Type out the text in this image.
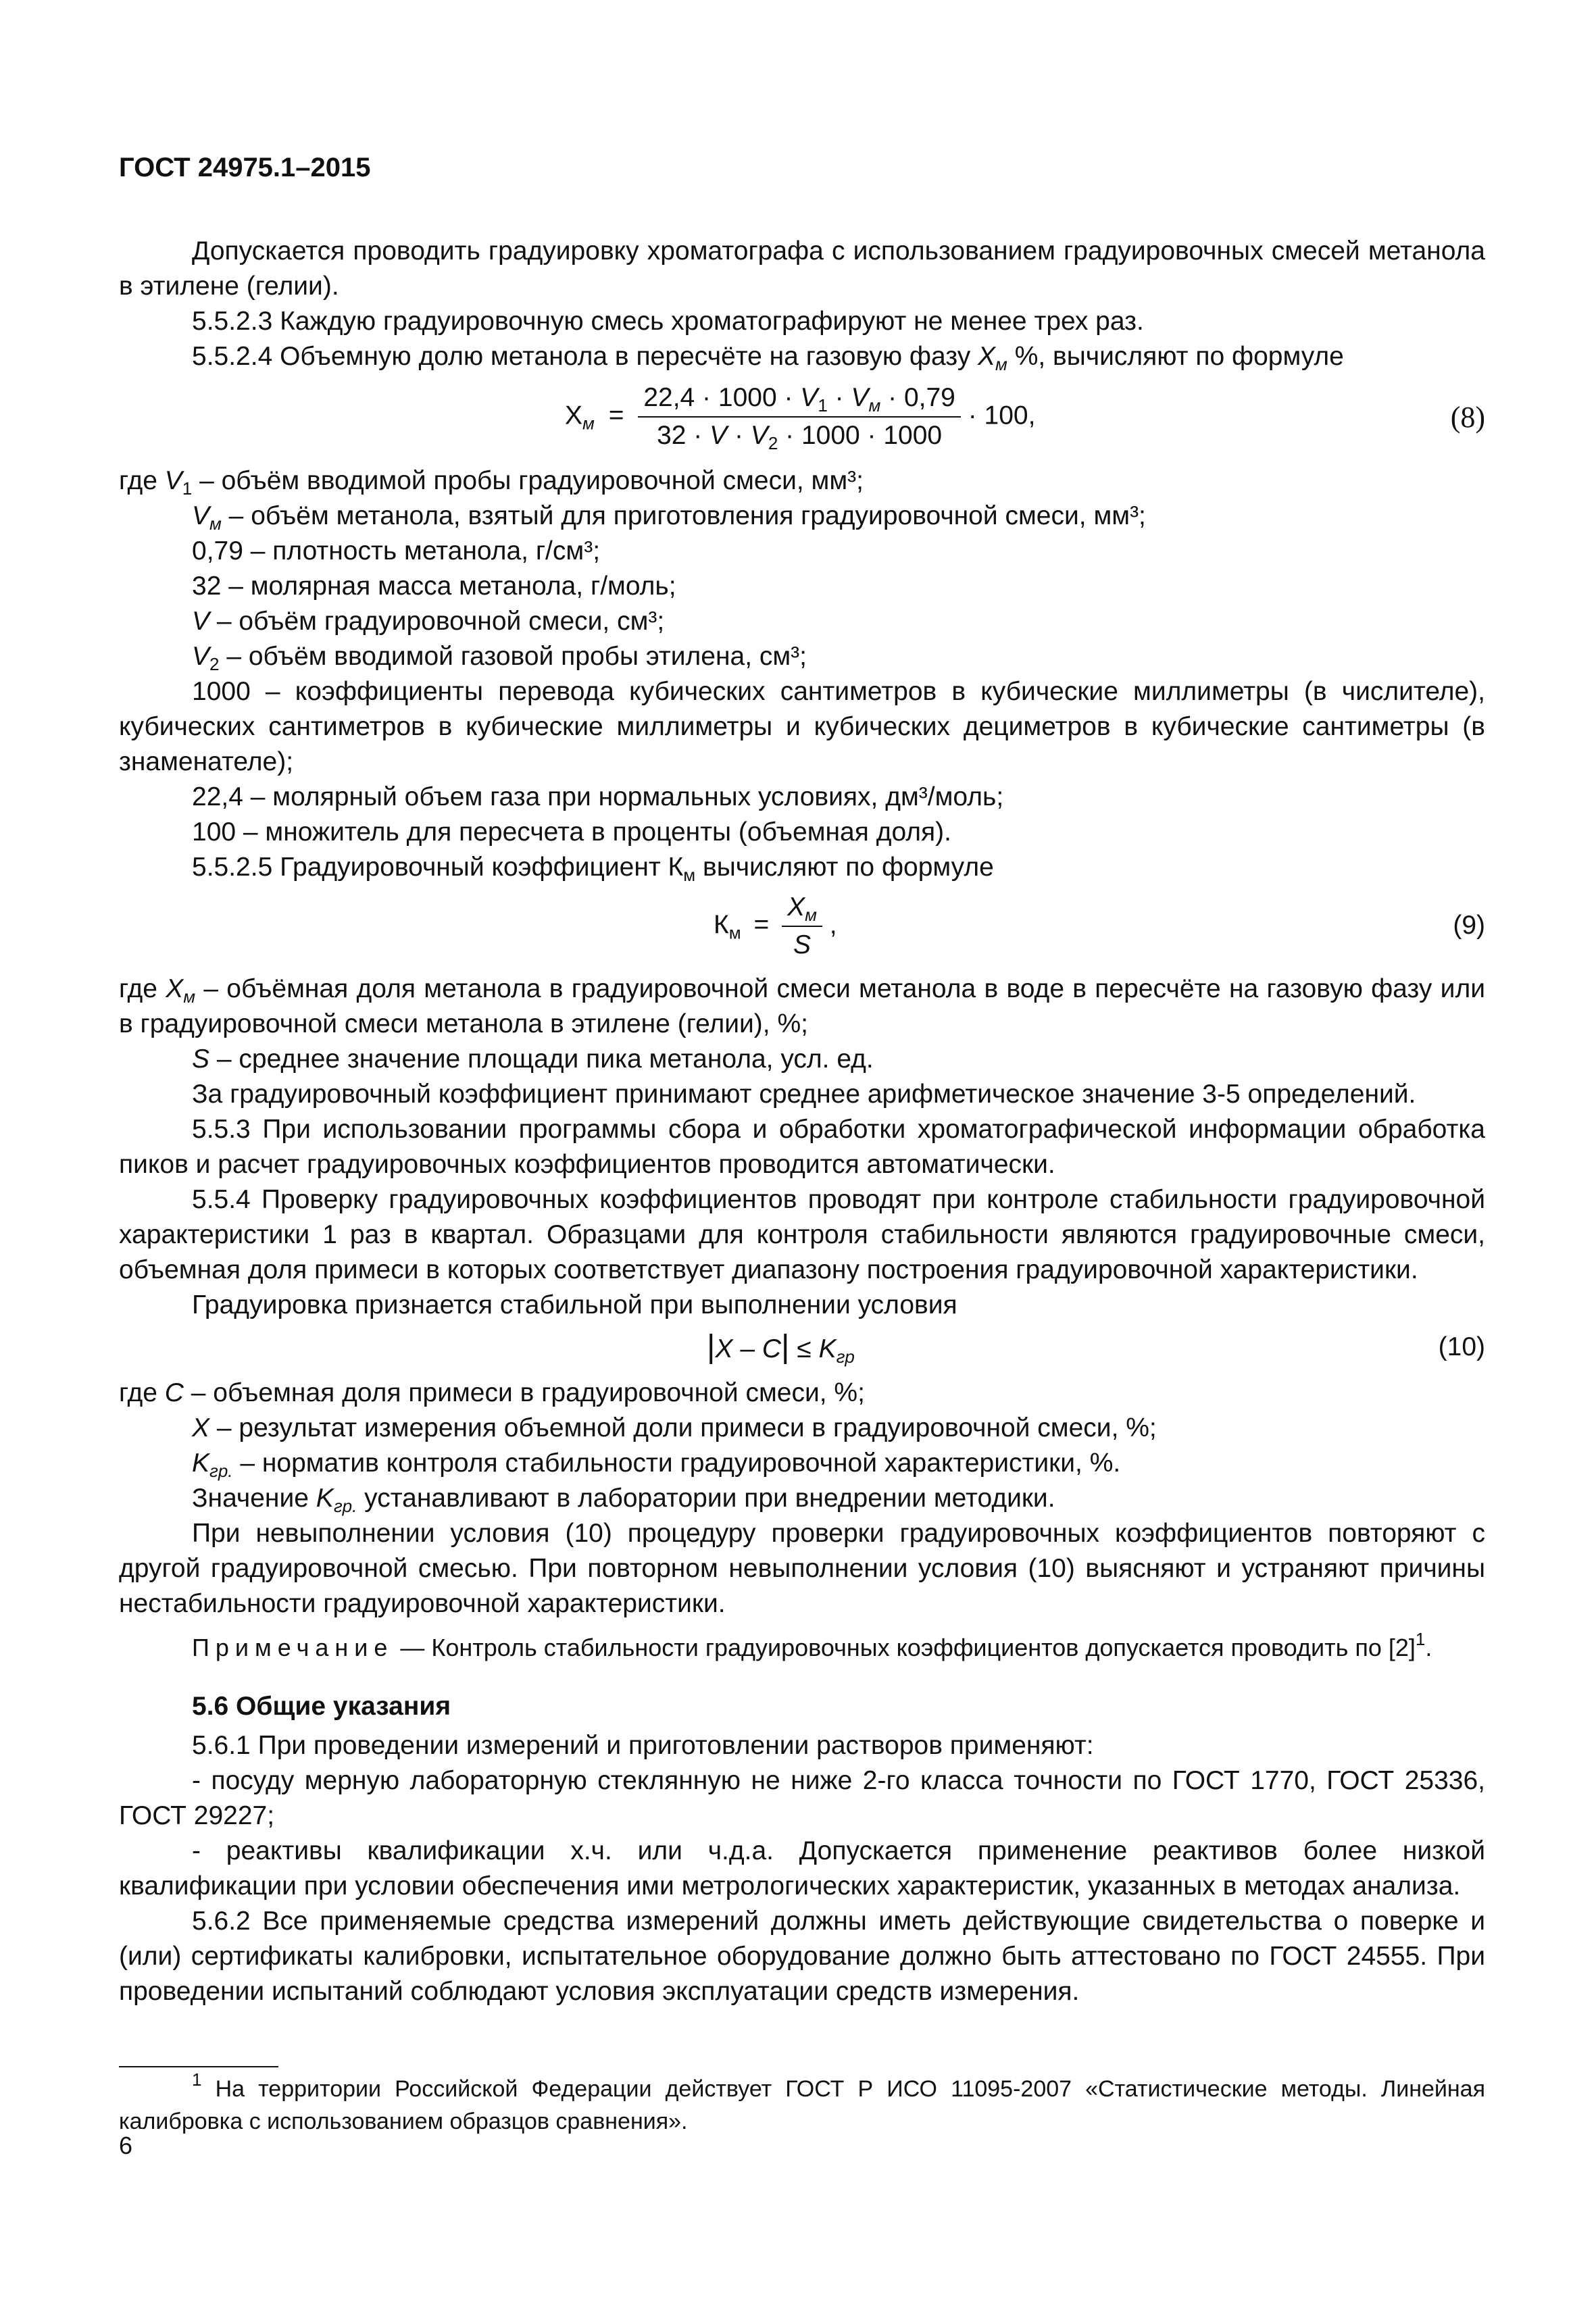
ГОСТ 24975.1–2015

Допускается проводить градуировку хроматографа с использованием градуировочных смесей метанола в этилене (гелии).

5.5.2.3 Каждую градуировочную смесь хроматографируют не менее трех раз.

5.5.2.4 Объемную долю метанола в пересчёте на газовую фазу $X_м$ %, вычисляют по формуле

$X_м = \frac{22,4 \cdot 1000 \cdot V_1 \cdot V_м \cdot 0,79}{32 \cdot V \cdot V_2 \cdot 1000 \cdot 1000} \cdot 100$,	(8)

где $V_1$ – объём вводимой пробы градуировочной смеси, мм³;

$V_м$ – объём метанола, взятый для приготовления градуировочной смеси, мм³;

0,79 – плотность метанола, г/см³;

32 – молярная масса метанола, г/моль;

V – объём градуировочной смеси, см³;

$V_2$ – объём вводимой газовой пробы этилена, см³;

1000 – коэффициенты перевода кубических сантиметров в кубические миллиметры (в числителе), кубических сантиметров в кубические миллиметры и кубических дециметров в кубические сантиметры (в знаменателе);

22,4 – молярный объем газа при нормальных условиях, дм³/моль;

100 – множитель для пересчета в проценты (объемная доля).

5.5.2.5 Градуировочный коэффициент $К_м$ вычисляют по формуле

$К_м = \frac{X_м}{S}$ ,	(9)

где $X_м$ – объёмная доля метанола в градуировочной смеси метанола в воде в пересчёте на газовую фазу или в градуировочной смеси метанола в этилене (гелии), %;

S – среднее значение площади пика метанола, усл. ед.

За градуировочный коэффициент принимают среднее арифметическое значение 3-5 определений.

5.5.3 При использовании программы сбора и обработки хроматографической информации обработка пиков и расчет градуировочных коэффициентов проводится автоматически.

5.5.4 Проверку градуировочных коэффициентов проводят при контроле стабильности градуировочной характеристики 1 раз в квартал. Образцами для контроля стабильности являются градуировочные смеси, объемная доля примеси в которых соответствует диапазону построения градуировочной характеристики.

Градуировка признается стабильной при выполнении условия

$|X - C| \le K_{гр}$	(10)

где C – объемная доля примеси в градуировочной смеси, %;

X – результат измерения объемной доли примеси в градуировочной смеси, %;

$K_{гр.}$ – норматив контроля стабильности градуировочной характеристики, %.

Значение $K_{гр.}$ устанавливают в лаборатории при внедрении методики.

При невыполнении условия (10) процедуру проверки градуировочных коэффициентов повторяют с другой градуировочной смесью. При повторном невыполнении условия (10) выясняют и устраняют причины нестабильности градуировочной характеристики.

Примечание — Контроль стабильности градуировочных коэффициентов допускается проводить по $[2]^1$.

5.6 Общие указания

5.6.1 При проведении измерений и приготовлении растворов применяют:

- посуду мерную лабораторную стеклянную не ниже 2-го класса точности по ГОСТ 1770, ГОСТ 25336, ГОСТ 29227;

- реактивы квалификации х.ч. или ч.д.а. Допускается применение реактивов более низкой квалификации при условии обеспечения ими метрологических характеристик, указанных в методах анализа.

5.6.2 Все применяемые средства измерений должны иметь действующие свидетельства о поверке и (или) сертификаты калибровки, испытательное оборудование должно быть аттестовано по ГОСТ 24555. При проведении испытаний соблюдают условия эксплуатации средств измерения.

$^1$ На территории Российской Федерации действует ГОСТ Р ИСО 11095-2007 «Статистические методы. Линейная калибровка с использованием образцов сравнения».
6
